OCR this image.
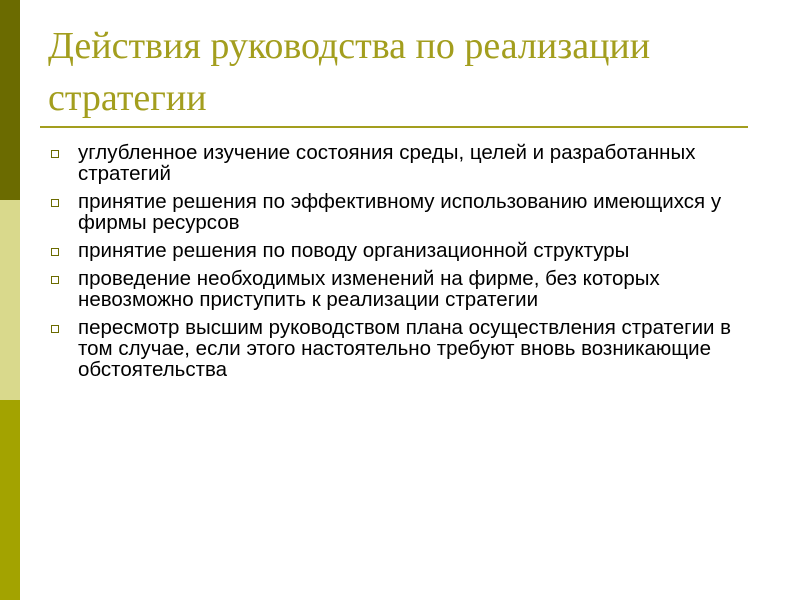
Действия руководства по реализации стратегии
углубленное изучение состояния среды, целей и разработанных стратегий
принятие решения по эффективному использованию имеющихся у фирмы ресурсов
принятие решения по поводу организационной структуры
проведение необходимых изменений на фирме, без которых невозможно приступить к реализации стратегии
пересмотр высшим руководством плана осуществления стратегии в том случае, если этого настоятельно требуют вновь возникающие обстоятельства
